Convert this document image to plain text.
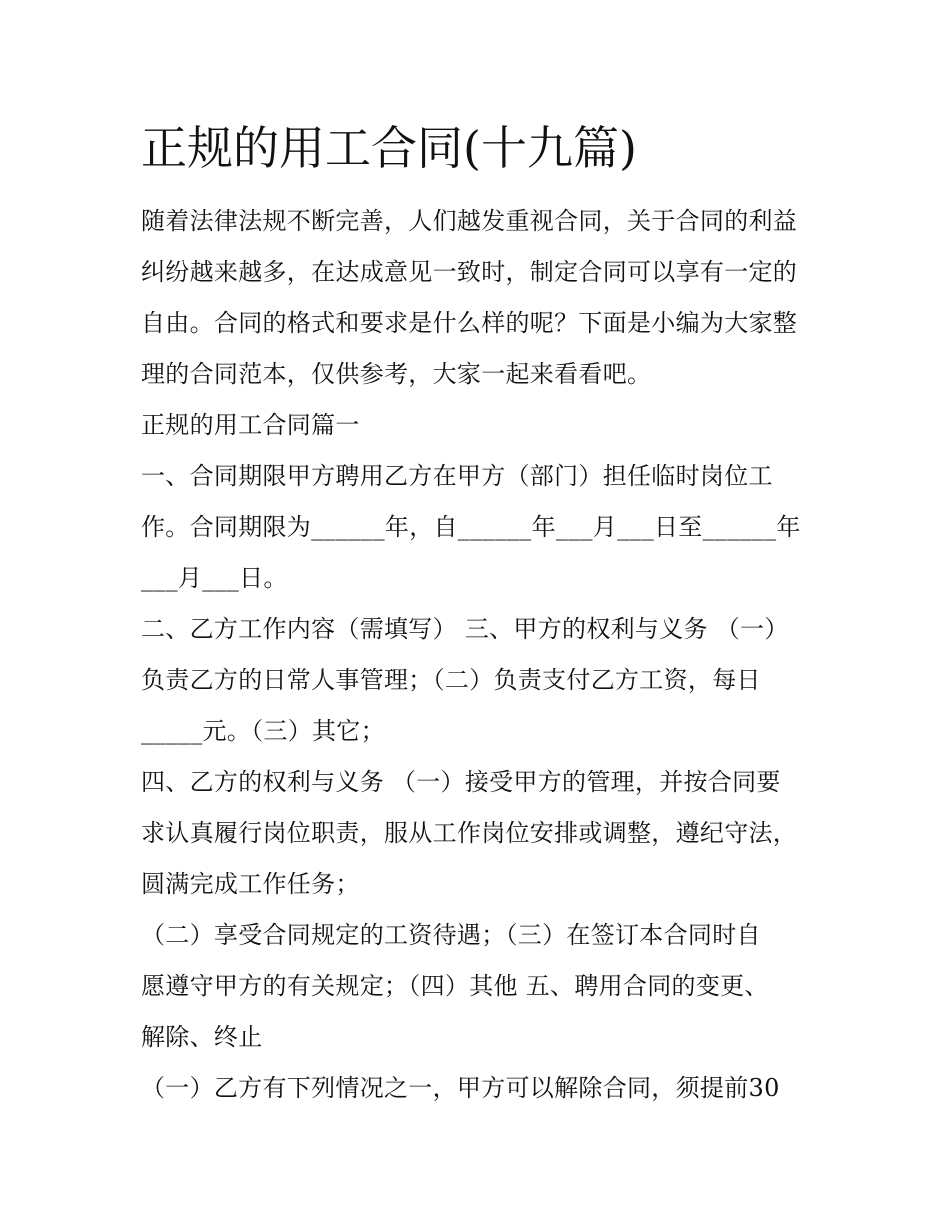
正规的用工合同(十九篇)
随着法律法规不断完善，人们越发重视合同，关于合同的利益
纠纷越来越多，在达成意见一致时，制定合同可以享有一定的
自由。合同的格式和要求是什么样的呢？下面是小编为大家整
理的合同范本，仅供参考，大家一起来看看吧。
正规的用工合同篇一
一、合同期限甲方聘用乙方在甲方（部门）担任临时岗位工
作。合同期限为______年，自______年___月___日至______年
___月___日。
二、乙方工作内容（需填写） 三、甲方的权利与义务 （一）
负责乙方的日常人事管理；（二）负责支付乙方工资，每日
_____元。（三）其它；
四、乙方的权利与义务 （一）接受甲方的管理，并按合同要
求认真履行岗位职责，服从工作岗位安排或调整，遵纪守法，
圆满完成工作任务；
（二）享受合同规定的工资待遇；（三）在签订本合同时自
愿遵守甲方的有关规定；（四）其他 五、聘用合同的变更、
解除、终止
（一）乙方有下列情况之一，甲方可以解除合同，须提前30
